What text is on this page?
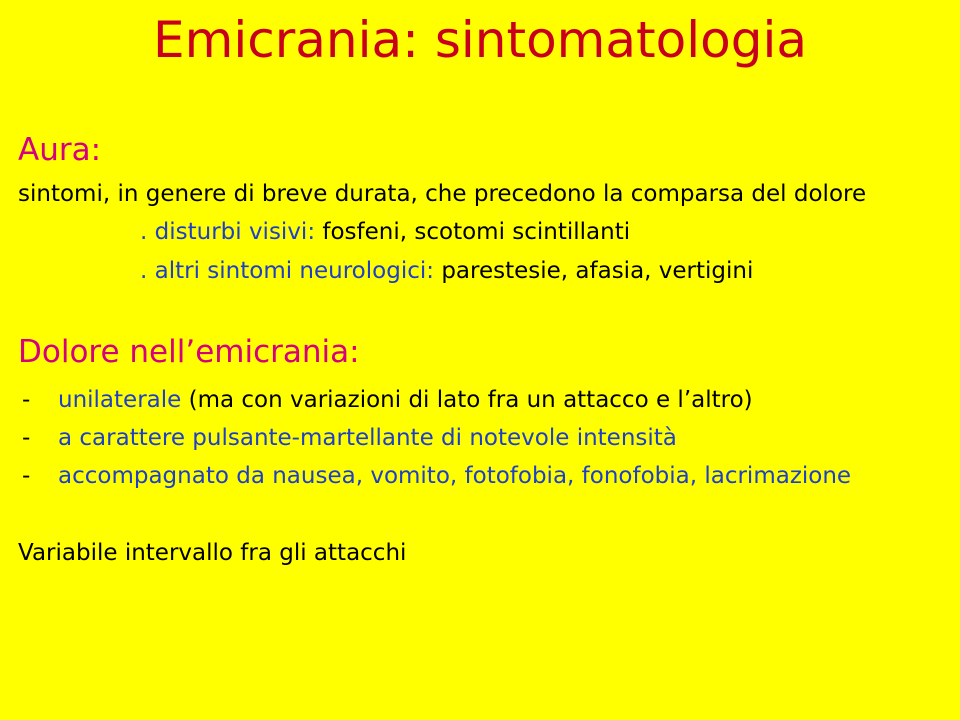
Emicrania: sintomatologia
Aura:
sintomi, in genere di breve durata, che precedono la comparsa del dolore
. disturbi visivi: fosfeni, scotomi scintillanti
. altri sintomi neurologici: parestesie, afasia, vertigini
Dolore nell’emicrania:
- unilaterale (ma con variazioni di lato fra un attacco e l’altro)
- a carattere pulsante-martellante di notevole intensità
- accompagnato da nausea, vomito, fotofobia, fonofobia, lacrimazione
Variabile intervallo fra gli attacchi
